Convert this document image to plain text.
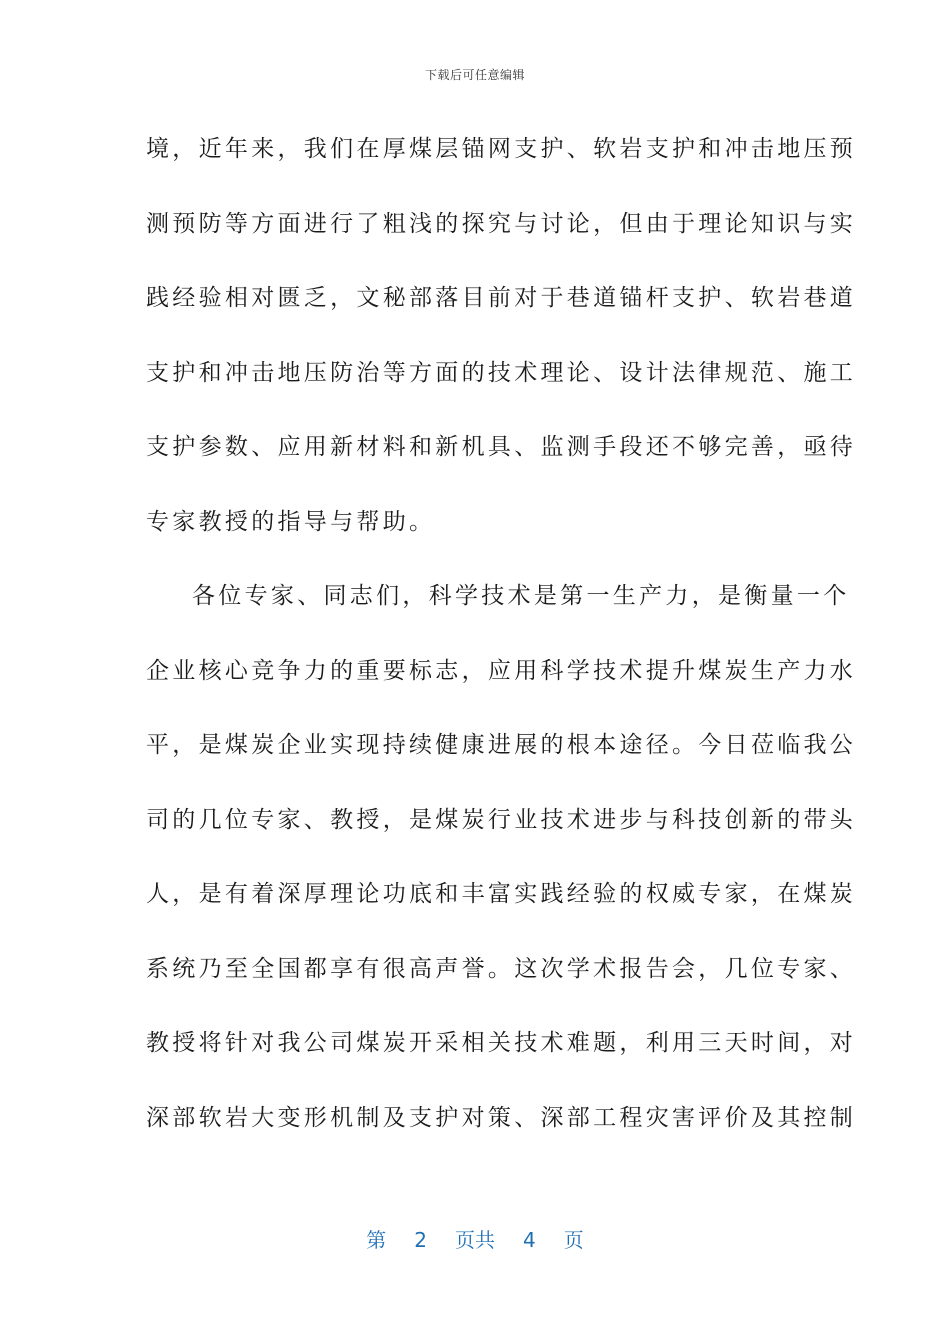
下载后可任意编辑
境，近年来，我们在厚煤层锚网支护、软岩支护和冲击地压预
测预防等方面进行了粗浅的探究与讨论，但由于理论知识与实
践经验相对匮乏，文秘部落目前对于巷道锚杆支护、软岩巷道
支护和冲击地压防治等方面的技术理论、设计法律规范、施工
支护参数、应用新材料和新机具、监测手段还不够完善，亟待
专家教授的指导与帮助。
各位专家、同志们，科学技术是第一生产力，是衡量一个
企业核心竞争力的重要标志，应用科学技术提升煤炭生产力水
平，是煤炭企业实现持续健康进展的根本途径。今日莅临我公
司的几位专家、教授，是煤炭行业技术进步与科技创新的带头
人，是有着深厚理论功底和丰富实践经验的权威专家，在煤炭
系统乃至全国都享有很高声誉。这次学术报告会，几位专家、
教授将针对我公司煤炭开采相关技术难题，利用三天时间，对
深部软岩大变形机制及支护对策、深部工程灾害评价及其控制
第 2 页共 4 页
